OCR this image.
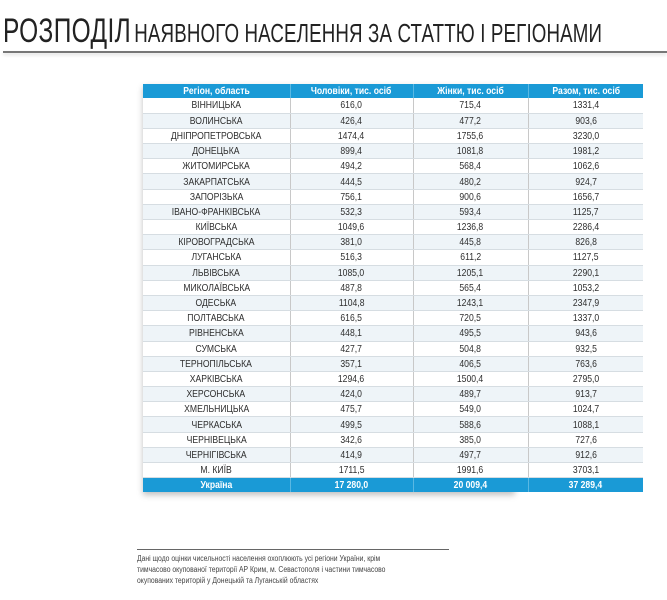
РОЗПОДІЛ НАЯВНОГО НАСЕЛЕННЯ ЗА СТАТТЮ І РЕГІОНАМИ
Регіон, область	Чоловіки, тис. осіб	Жінки, тис. осіб	Разом, тис. осіб
ВІННИЦЬКА	616,0	715,4	1331,4
ВОЛИНСЬКА	426,4	477,2	903,6
ДНІПРОПЕТРОВСЬКА	1474,4	1755,6	3230,0
ДОНЕЦЬКА	899,4	1081,8	1981,2
ЖИТОМИРСЬКА	494,2	568,4	1062,6
ЗАКАРПАТСЬКА	444,5	480,2	924,7
ЗАПОРІЗЬКА	756,1	900,6	1656,7
ІВАНО-ФРАНКІВСЬКА	532,3	593,4	1125,7
КИЇВСЬКА	1049,6	1236,8	2286,4
КІРОВОГРАДСЬКА	381,0	445,8	826,8
ЛУГАНСЬКА	516,3	611,2	1127,5
ЛЬВІВСЬКА	1085,0	1205,1	2290,1
МИКОЛАЇВСЬКА	487,8	565,4	1053,2
ОДЕСЬКА	1104,8	1243,1	2347,9
ПОЛТАВСЬКА	616,5	720,5	1337,0
РІВНЕНСЬКА	448,1	495,5	943,6
СУМСЬКА	427,7	504,8	932,5
ТЕРНОПІЛЬСЬКА	357,1	406,5	763,6
ХАРКІВСЬКА	1294,6	1500,4	2795,0
ХЕРСОНСЬКА	424,0	489,7	913,7
ХМЕЛЬНИЦЬКА	475,7	549,0	1024,7
ЧЕРКАСЬКА	499,5	588,6	1088,1
ЧЕРНІВЕЦЬКА	342,6	385,0	727,6
ЧЕРНІГІВСЬКА	414,9	497,7	912,6
М. КИЇВ	1711,5	1991,6	3703,1
Україна	17 280,0	20 009,4	37 289,4
Дані щодо оцінки чисельності населення охоплюють усі регіони України, крім
тимчасово окупованої території АР Крим, м. Севастополя і частини тимчасово
окупованих територій у Донецькій та Луганській областях
